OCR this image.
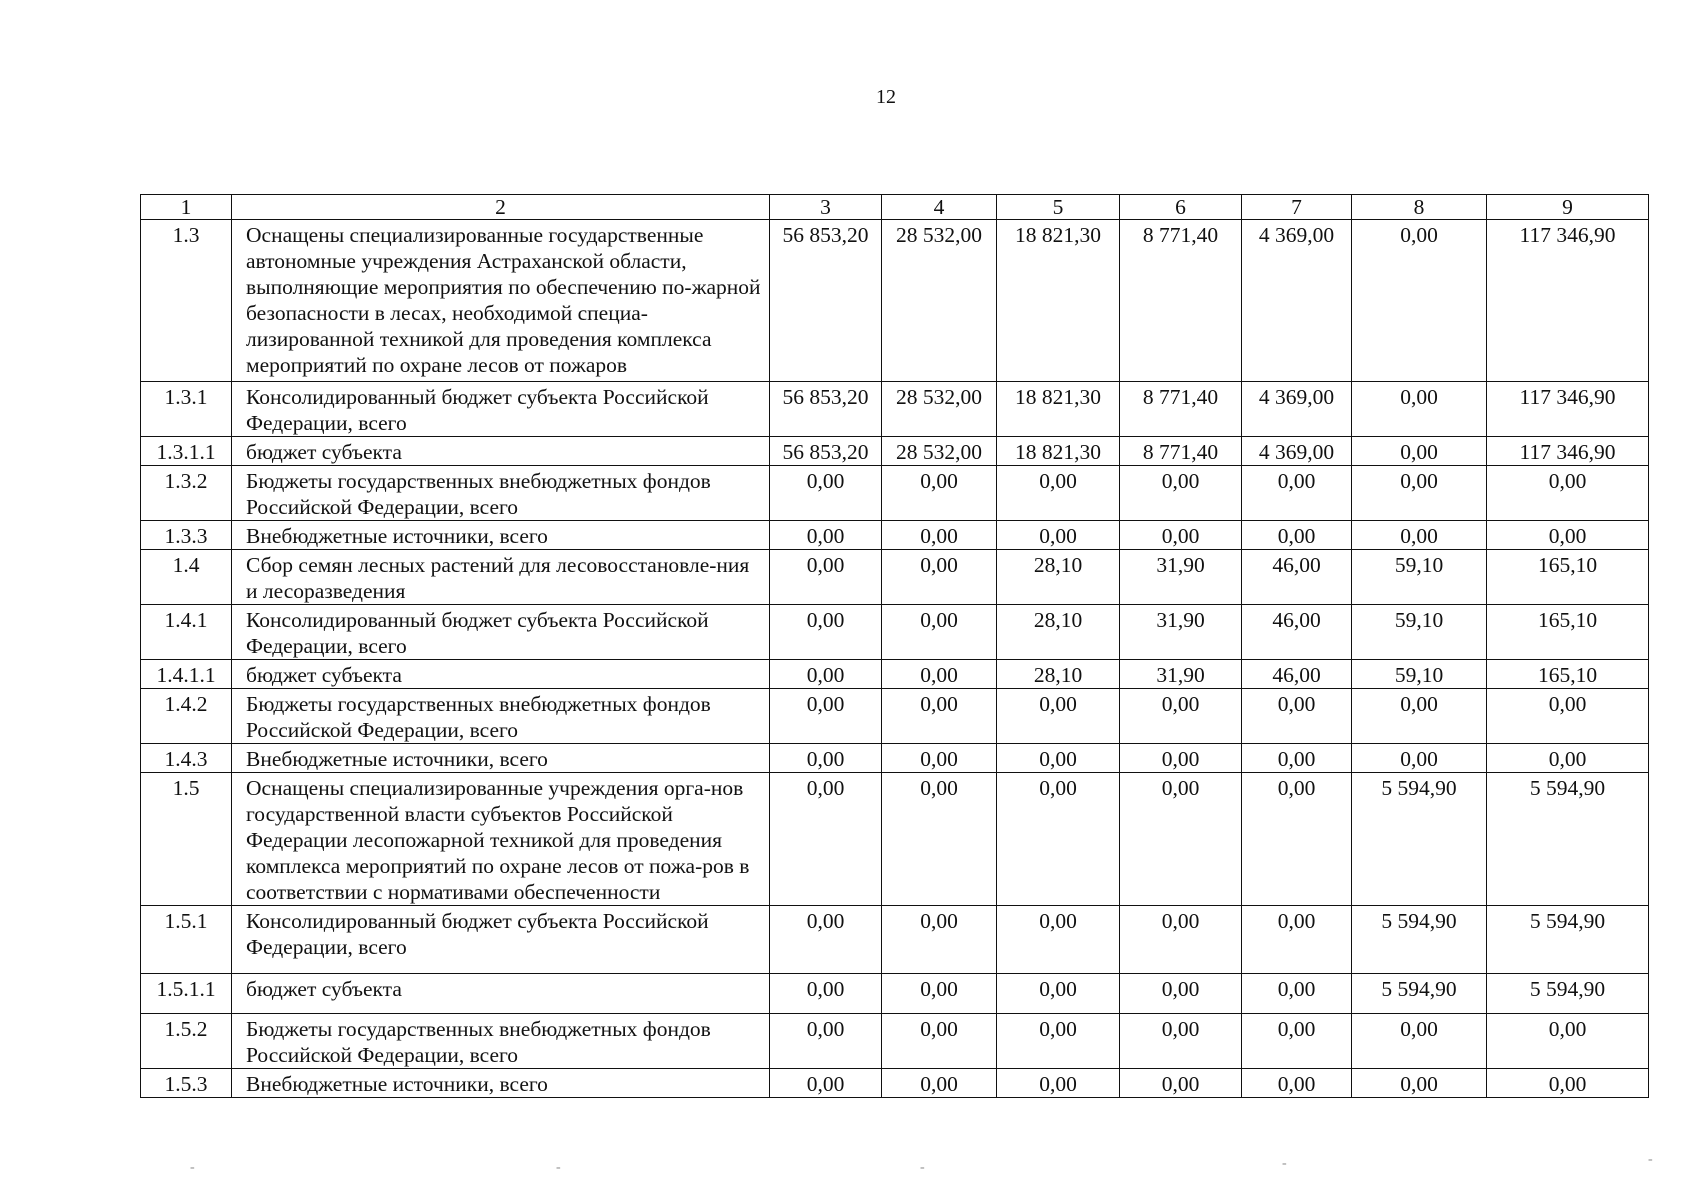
12
1	2	3	4	5	6	7	8	9
1.3	Оснащены специализированные государственные автономные учреждения Астраханской области, выполняющие мероприятия по обеспечению по-жарной безопасности в лесах, необходимой специа-лизированной техникой для проведения комплекса мероприятий по охране лесов от пожаров	56 853,20	28 532,00	18 821,30	8 771,40	4 369,00	0,00	117 346,90
1.3.1	Консолидированный бюджет субъекта Российской Федерации, всего	56 853,20	28 532,00	18 821,30	8 771,40	4 369,00	0,00	117 346,90
1.3.1.1	бюджет субъекта	56 853,20	28 532,00	18 821,30	8 771,40	4 369,00	0,00	117 346,90
1.3.2	Бюджеты государственных внебюджетных фондов Российской Федерации, всего	0,00	0,00	0,00	0,00	0,00	0,00	0,00
1.3.3	Внебюджетные источники, всего	0,00	0,00	0,00	0,00	0,00	0,00	0,00
1.4	Сбор семян лесных растений для лесовосстановле-ния и лесоразведения	0,00	0,00	28,10	31,90	46,00	59,10	165,10
1.4.1	Консолидированный бюджет субъекта Российской Федерации, всего	0,00	0,00	28,10	31,90	46,00	59,10	165,10
1.4.1.1	бюджет субъекта	0,00	0,00	28,10	31,90	46,00	59,10	165,10
1.4.2	Бюджеты государственных внебюджетных фондов Российской Федерации, всего	0,00	0,00	0,00	0,00	0,00	0,00	0,00
1.4.3	Внебюджетные источники, всего	0,00	0,00	0,00	0,00	0,00	0,00	0,00
1.5	Оснащены специализированные учреждения орга-нов государственной власти субъектов Российской Федерации лесопожарной техникой для проведения комплекса мероприятий по охране лесов от пожа-ров в соответствии с нормативами обеспеченности	0,00	0,00	0,00	0,00	0,00	5 594,90	5 594,90
1.5.1	Консолидированный бюджет субъекта Российской Федерации, всего	0,00	0,00	0,00	0,00	0,00	5 594,90	5 594,90
1.5.1.1	бюджет субъекта	0,00	0,00	0,00	0,00	0,00	5 594,90	5 594,90
1.5.2	Бюджеты государственных внебюджетных фондов Российской Федерации, всего	0,00	0,00	0,00	0,00	0,00	0,00	0,00
1.5.3	Внебюджетные источники, всего	0,00	0,00	0,00	0,00	0,00	0,00	0,00
-	-	-	-	-
